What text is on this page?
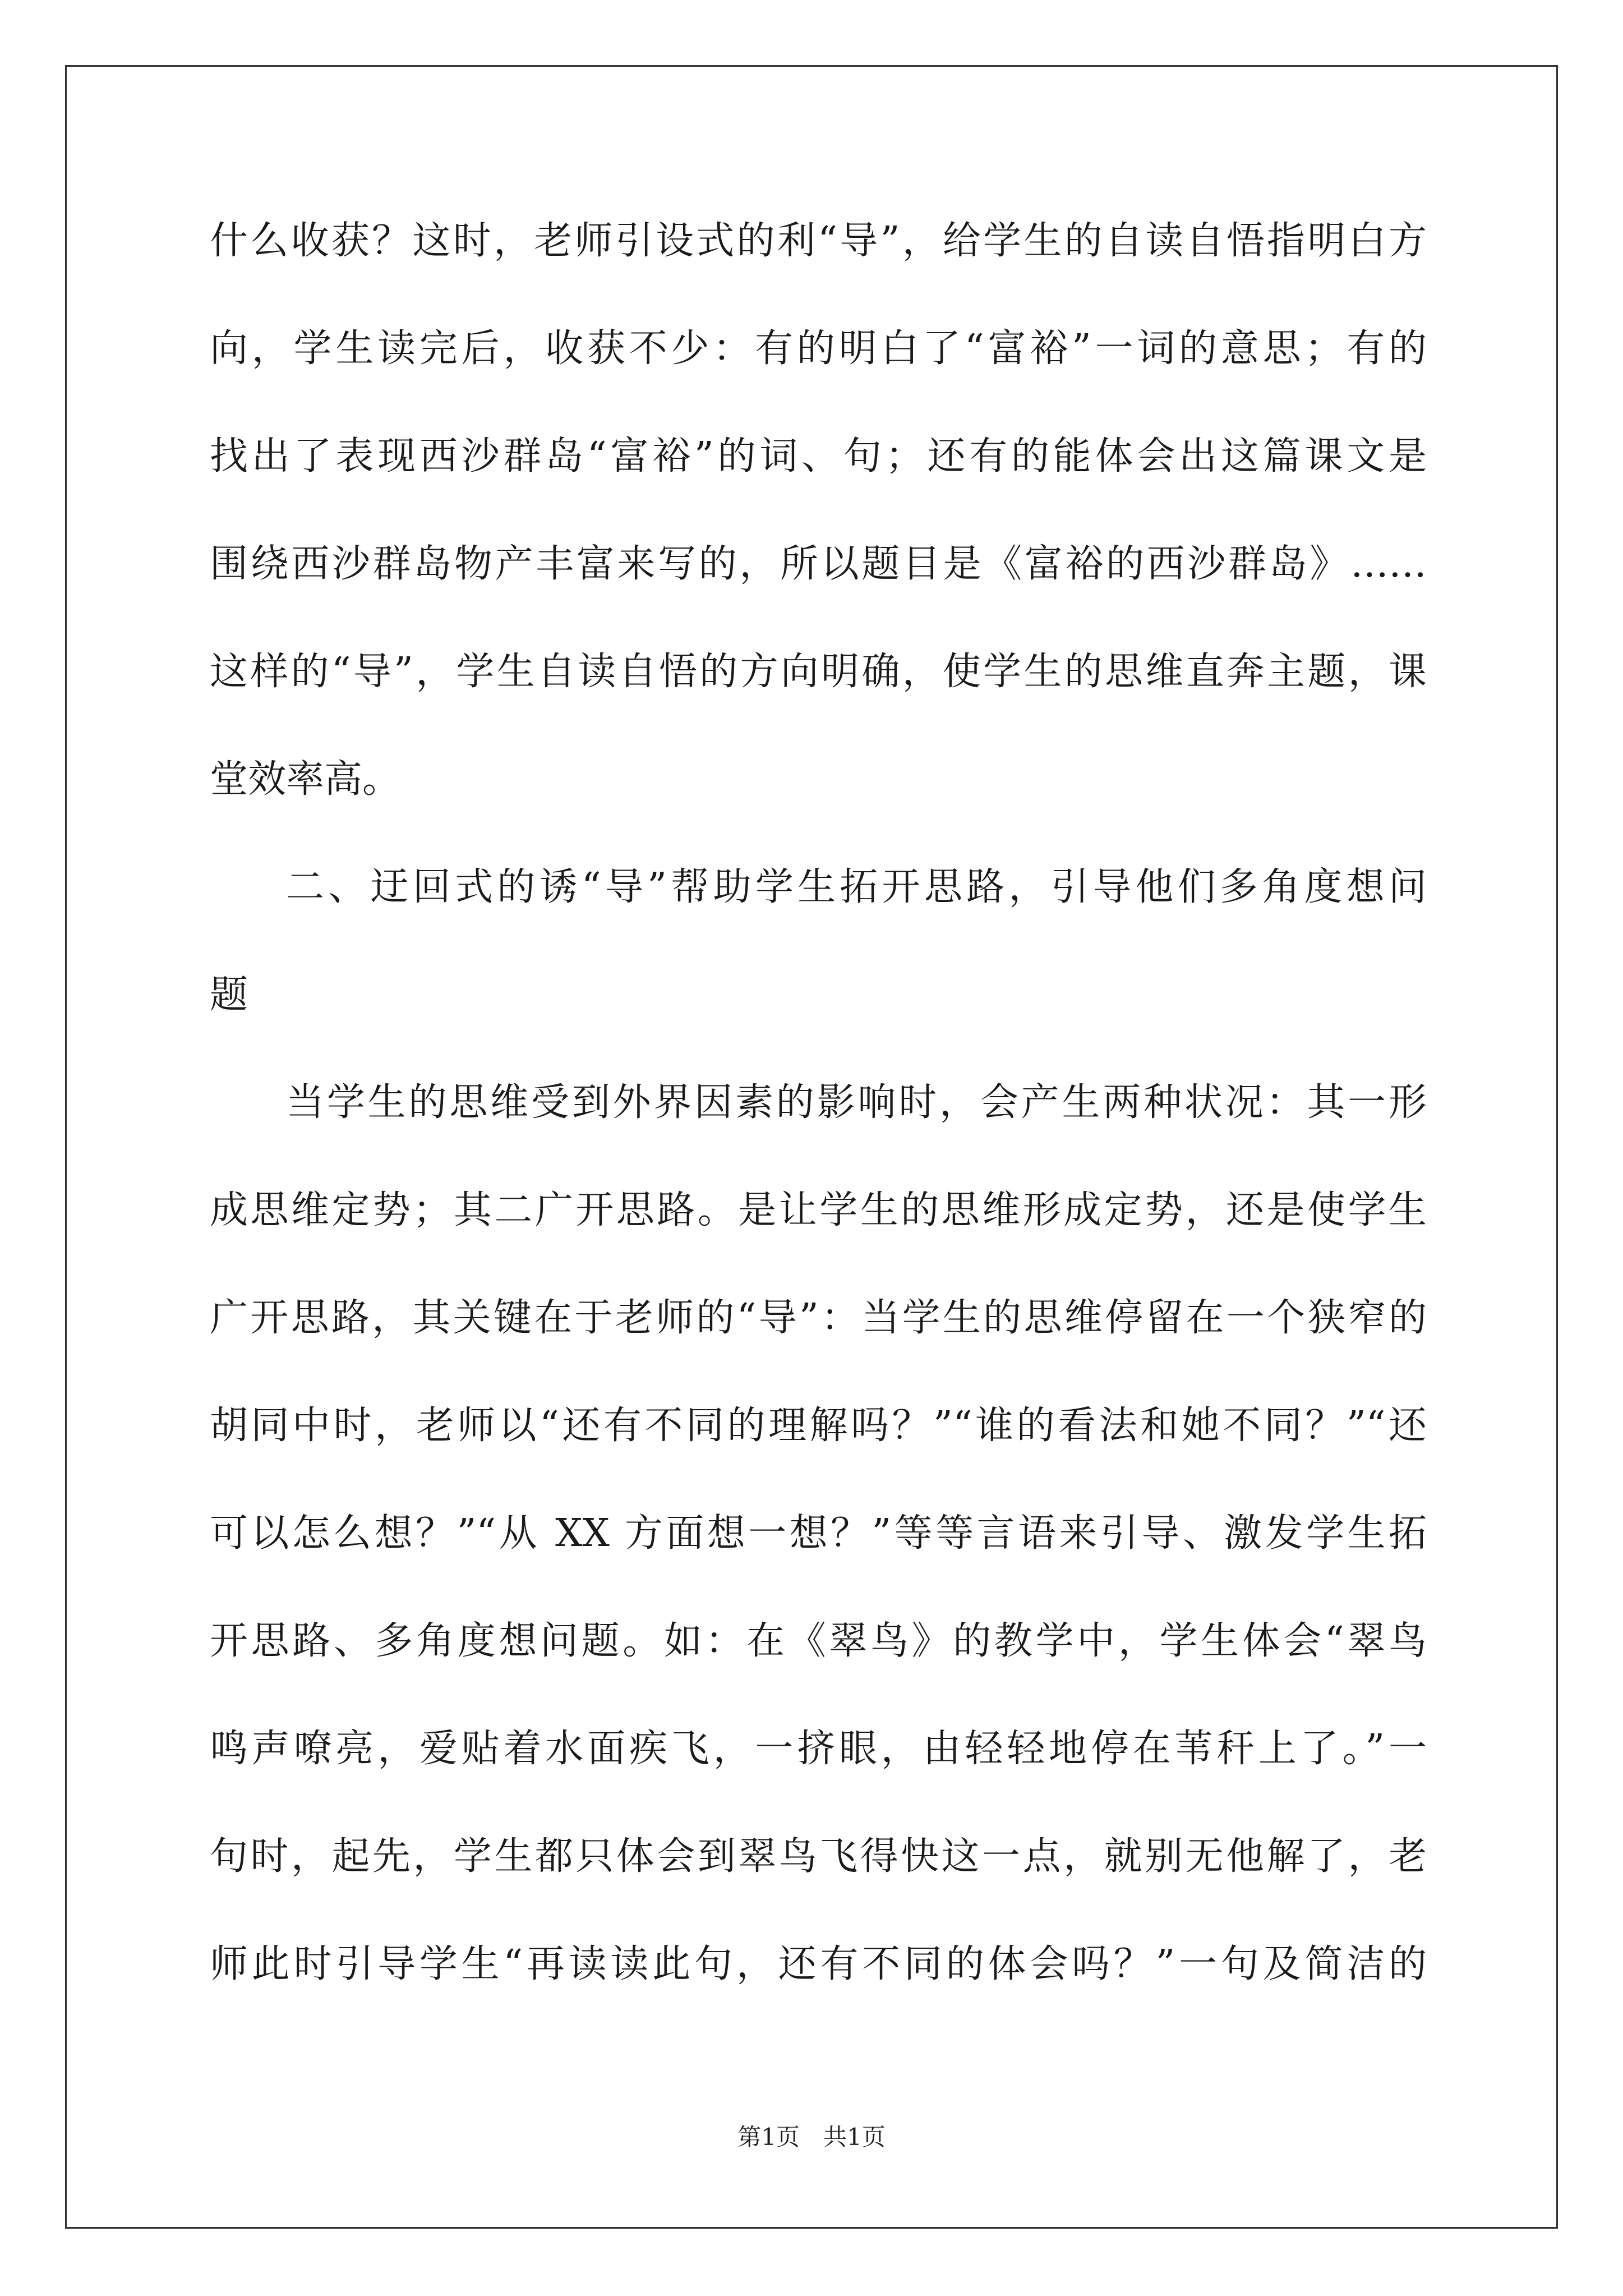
什么收获？这时，老师引设式的利“导”，给学生的自读自悟指明白方
向，学生读完后，收获不少：有的明白了“富裕”一词的意思；有的
找出了表现西沙群岛“富裕”的词、句；还有的能体会出这篇课文是
围绕西沙群岛物产丰富来写的，所以题目是《富裕的西沙群岛》……
这样的“导”，学生自读自悟的方向明确，使学生的思维直奔主题，课
堂效率高。
二、迂回式的诱“导”帮助学生拓开思路，引导他们多角度想问
题
当学生的思维受到外界因素的影响时，会产生两种状况：其一形
成思维定势；其二广开思路。是让学生的思维形成定势，还是使学生
广开思路，其关键在于老师的“导”：当学生的思维停留在一个狭窄的
胡同中时，老师以“还有不同的理解吗？”“谁的看法和她不同？”“还
可以怎么想？”“从 XX 方面想一想？”等等言语来引导、激发学生拓
开思路、多角度想问题。如：在《翠鸟》的教学中，学生体会“翠鸟
鸣声嘹亮，爱贴着水面疾飞，一挤眼，由轻轻地停在苇秆上了。”一
句时，起先，学生都只体会到翠鸟飞得快这一点，就别无他解了，老
师此时引导学生“再读读此句，还有不同的体会吗？”一句及简洁的
第1页　共1页
